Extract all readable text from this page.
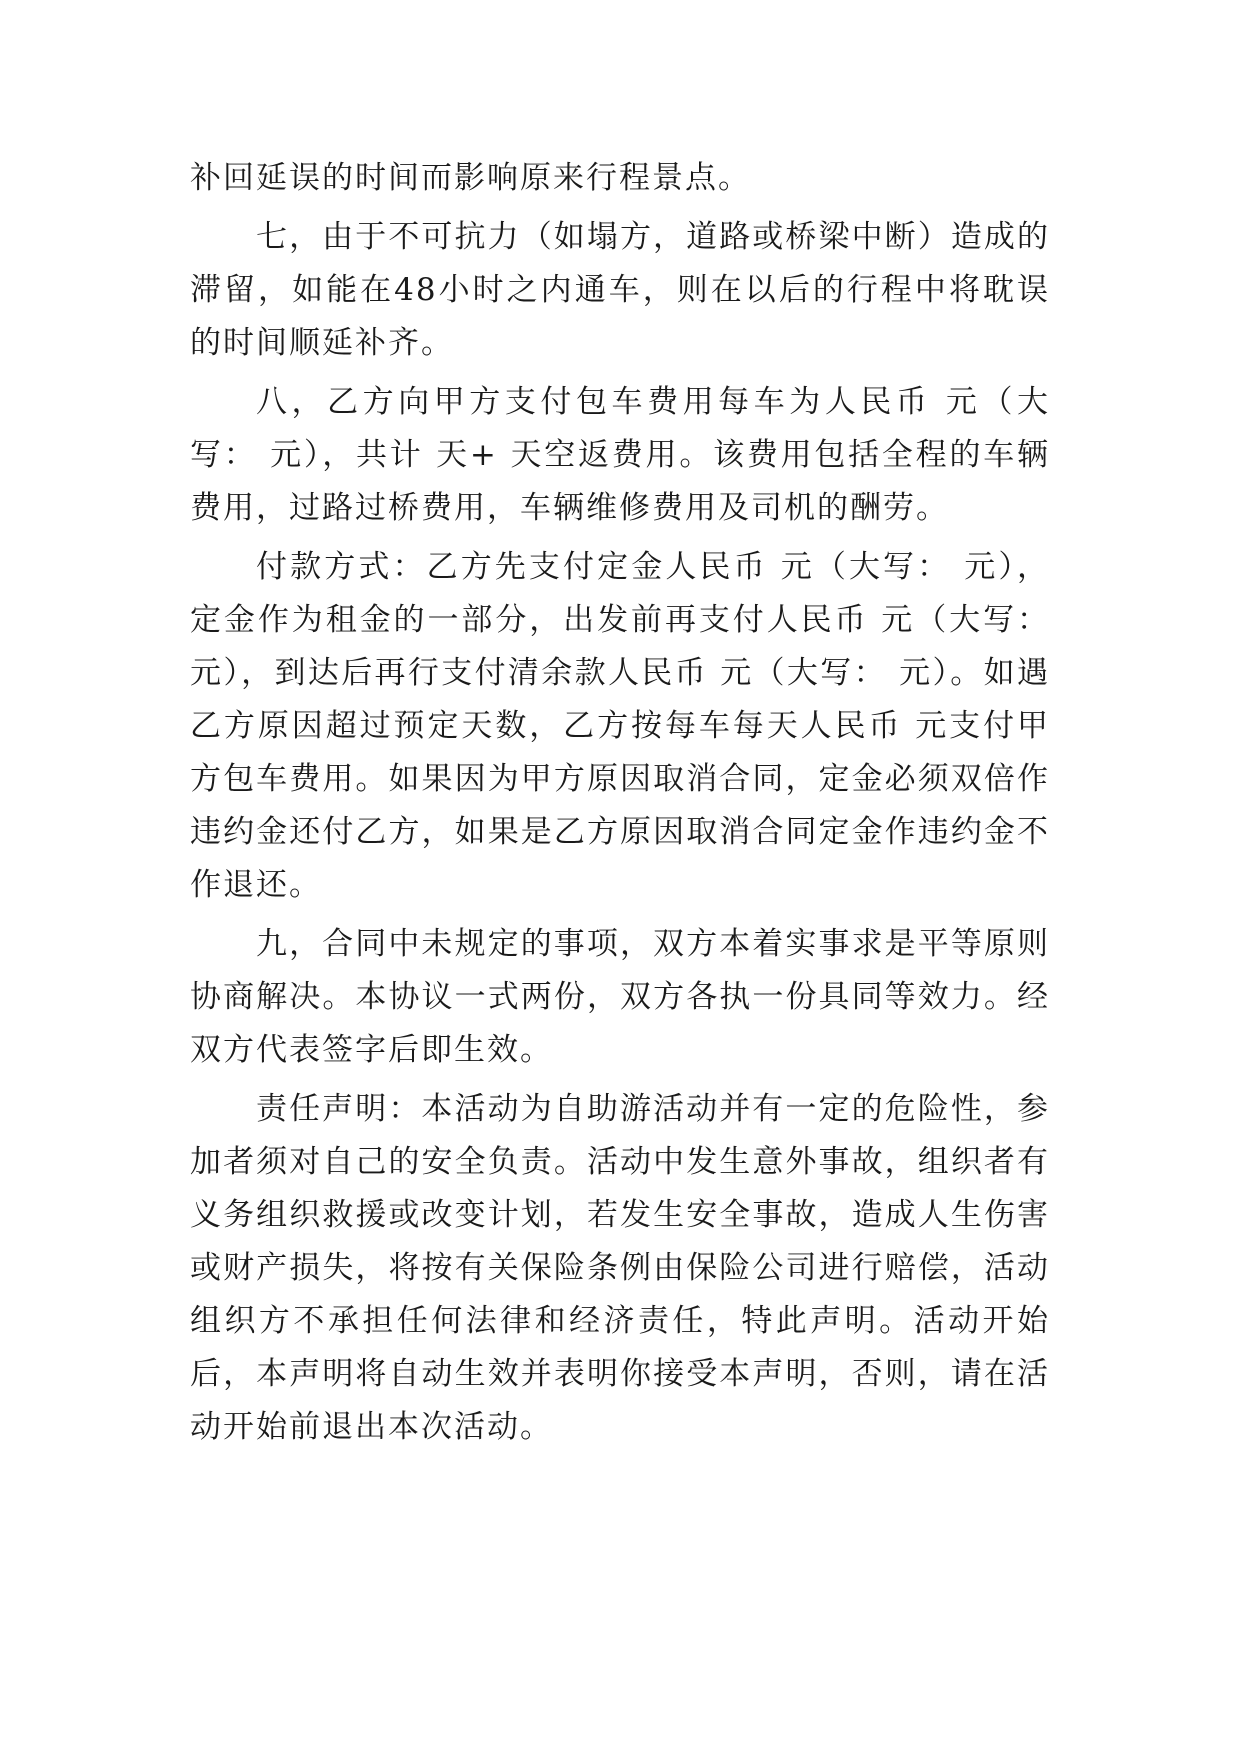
补回延误的时间而影响原来行程景点。

七，由于不可抗力（如塌方，道路或桥梁中断）造成的滞留，如能在48小时之内通车，则在以后的行程中将耽误的时间顺延补齐。

八，乙方向甲方支付包车费用每车为人民币 元（大写： 元），共计 天+ 天空返费用。该费用包括全程的车辆费用，过路过桥费用，车辆维修费用及司机的酬劳。

付款方式：乙方先支付定金人民币 元（大写： 元），定金作为租金的一部分，出发前再支付人民币 元（大写： 元），到达后再行支付清余款人民币 元（大写： 元）。如遇乙方原因超过预定天数，乙方按每车每天人民币 元支付甲方包车费用。如果因为甲方原因取消合同，定金必须双倍作违约金还付乙方，如果是乙方原因取消合同定金作违约金不作退还。

九，合同中未规定的事项，双方本着实事求是平等原则协商解决。本协议一式两份，双方各执一份具同等效力。经双方代表签字后即生效。

责任声明：本活动为自助游活动并有一定的危险性，参加者须对自己的安全负责。活动中发生意外事故，组织者有义务组织救援或改变计划，若发生安全事故，造成人生伤害或财产损失，将按有关保险条例由保险公司进行赔偿，活动组织方不承担任何法律和经济责任，特此声明。活动开始后，本声明将自动生效并表明你接受本声明，否则，请在活动开始前退出本次活动。
